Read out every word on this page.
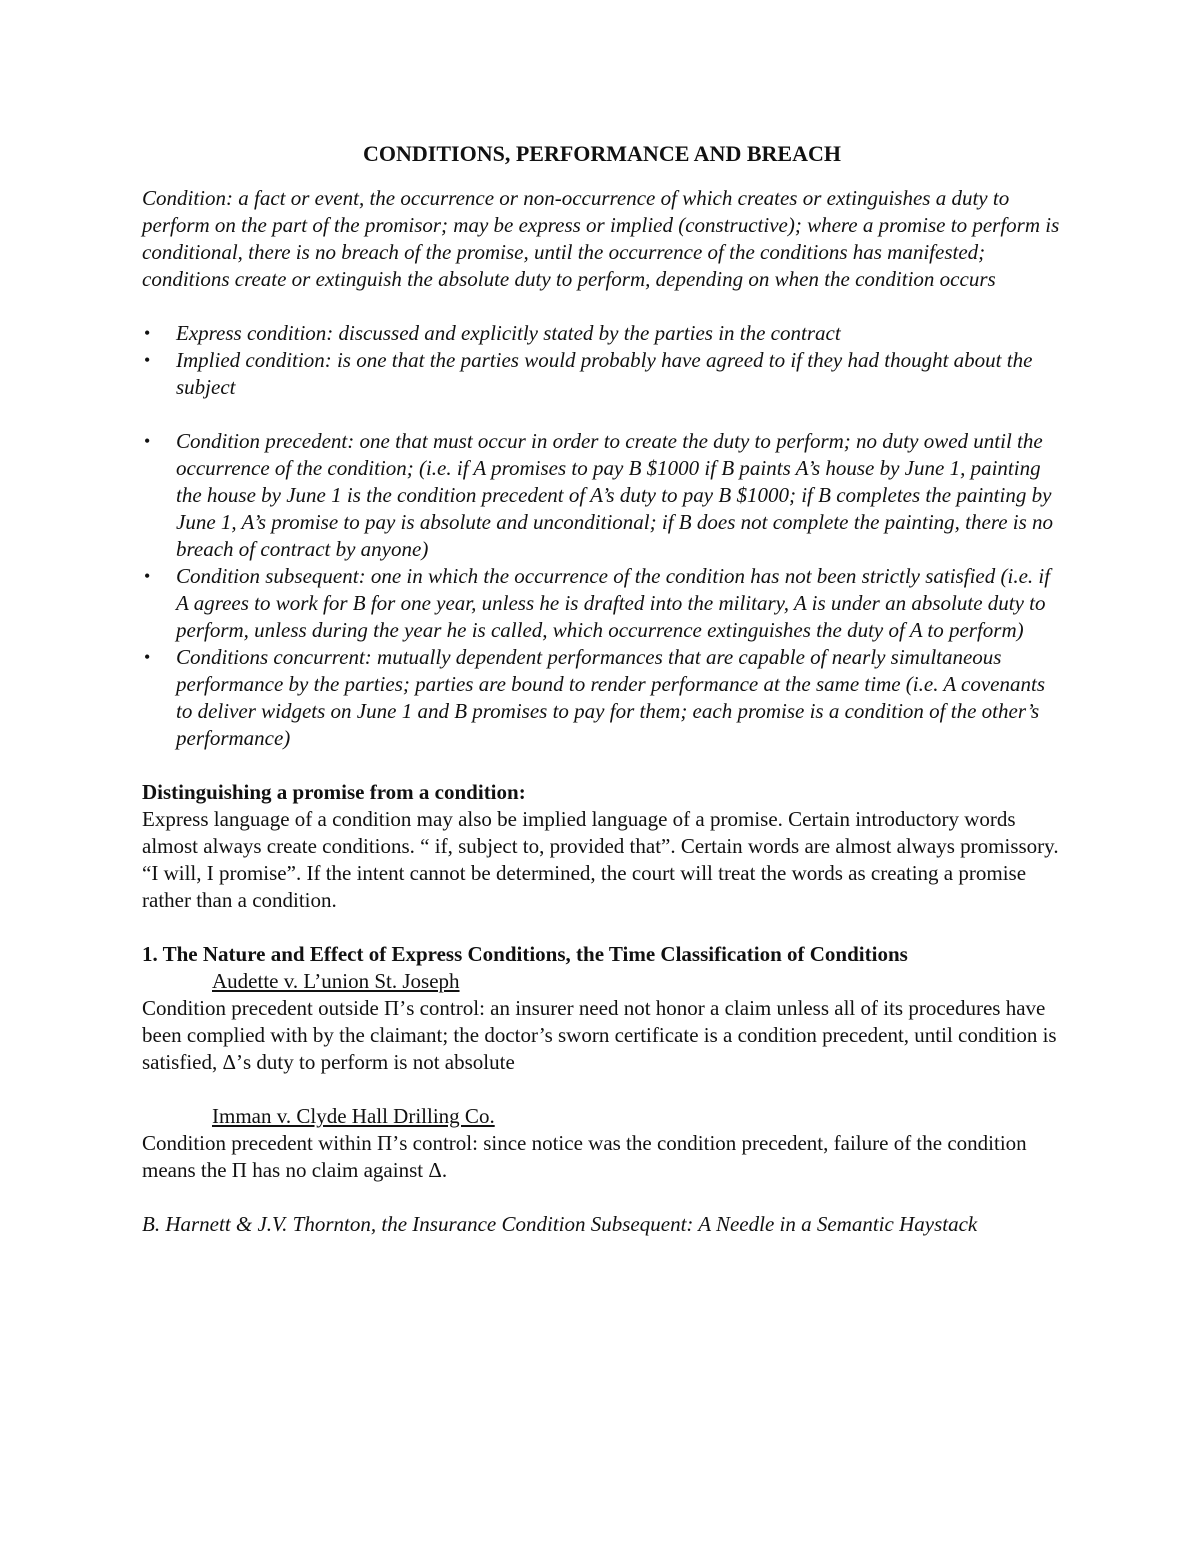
CONDITIONS, PERFORMANCE AND BREACH

Condition: a fact or event, the occurrence or non-occurrence of which creates or extinguishes a duty to perform on the part of the promisor; may be express or implied (constructive); where a promise to perform is conditional, there is no breach of the promise, until the occurrence of the conditions has manifested; conditions create or extinguish the absolute duty to perform, depending on when the condition occurs

• Express condition: discussed and explicitly stated by the parties in the contract
• Implied condition: is one that the parties would probably have agreed to if they had thought about the subject
• Condition precedent: one that must occur in order to create the duty to perform; no duty owed until the occurrence of the condition; (i.e. if A promises to pay B $1000 if B paints A’s house by June 1, painting the house by June 1 is the condition precedent of A’s duty to pay B $1000; if B completes the painting by June 1, A’s promise to pay is absolute and unconditional; if B does not complete the painting, there is no breach of contract by anyone)
• Condition subsequent: one in which the occurrence of the condition has not been strictly satisfied (i.e. if A agrees to work for B for one year, unless he is drafted into the military, A is under an absolute duty to perform, unless during the year he is called, which occurrence extinguishes the duty of A to perform)
• Conditions concurrent: mutually dependent performances that are capable of nearly simultaneous performance by the parties; parties are bound to render performance at the same time (i.e. A covenants to deliver widgets on June 1 and B promises to pay for them; each promise is a condition of the other’s performance)

Distinguishing a promise from a condition:

Express language of a condition may also be implied language of a promise. Certain introductory words almost always create conditions. “ if, subject to, provided that”. Certain words are almost always promissory. “I will, I promise”. If the intent cannot be determined, the court will treat the words as creating a promise rather than a condition.

1. The Nature and Effect of Express Conditions, the Time Classification of Conditions

Audette v. L’union St. Joseph

Condition precedent outside Π’s control: an insurer need not honor a claim unless all of its procedures have been complied with by the claimant; the doctor’s sworn certificate is a condition precedent, until condition is satisfied, Δ’s duty to perform is not absolute

Imman v. Clyde Hall Drilling Co.

Condition precedent within Π’s control: since notice was the condition precedent, failure of the condition means the Π has no claim against Δ.

B. Harnett & J.V. Thornton, the Insurance Condition Subsequent: A Needle in a Semantic Haystack
